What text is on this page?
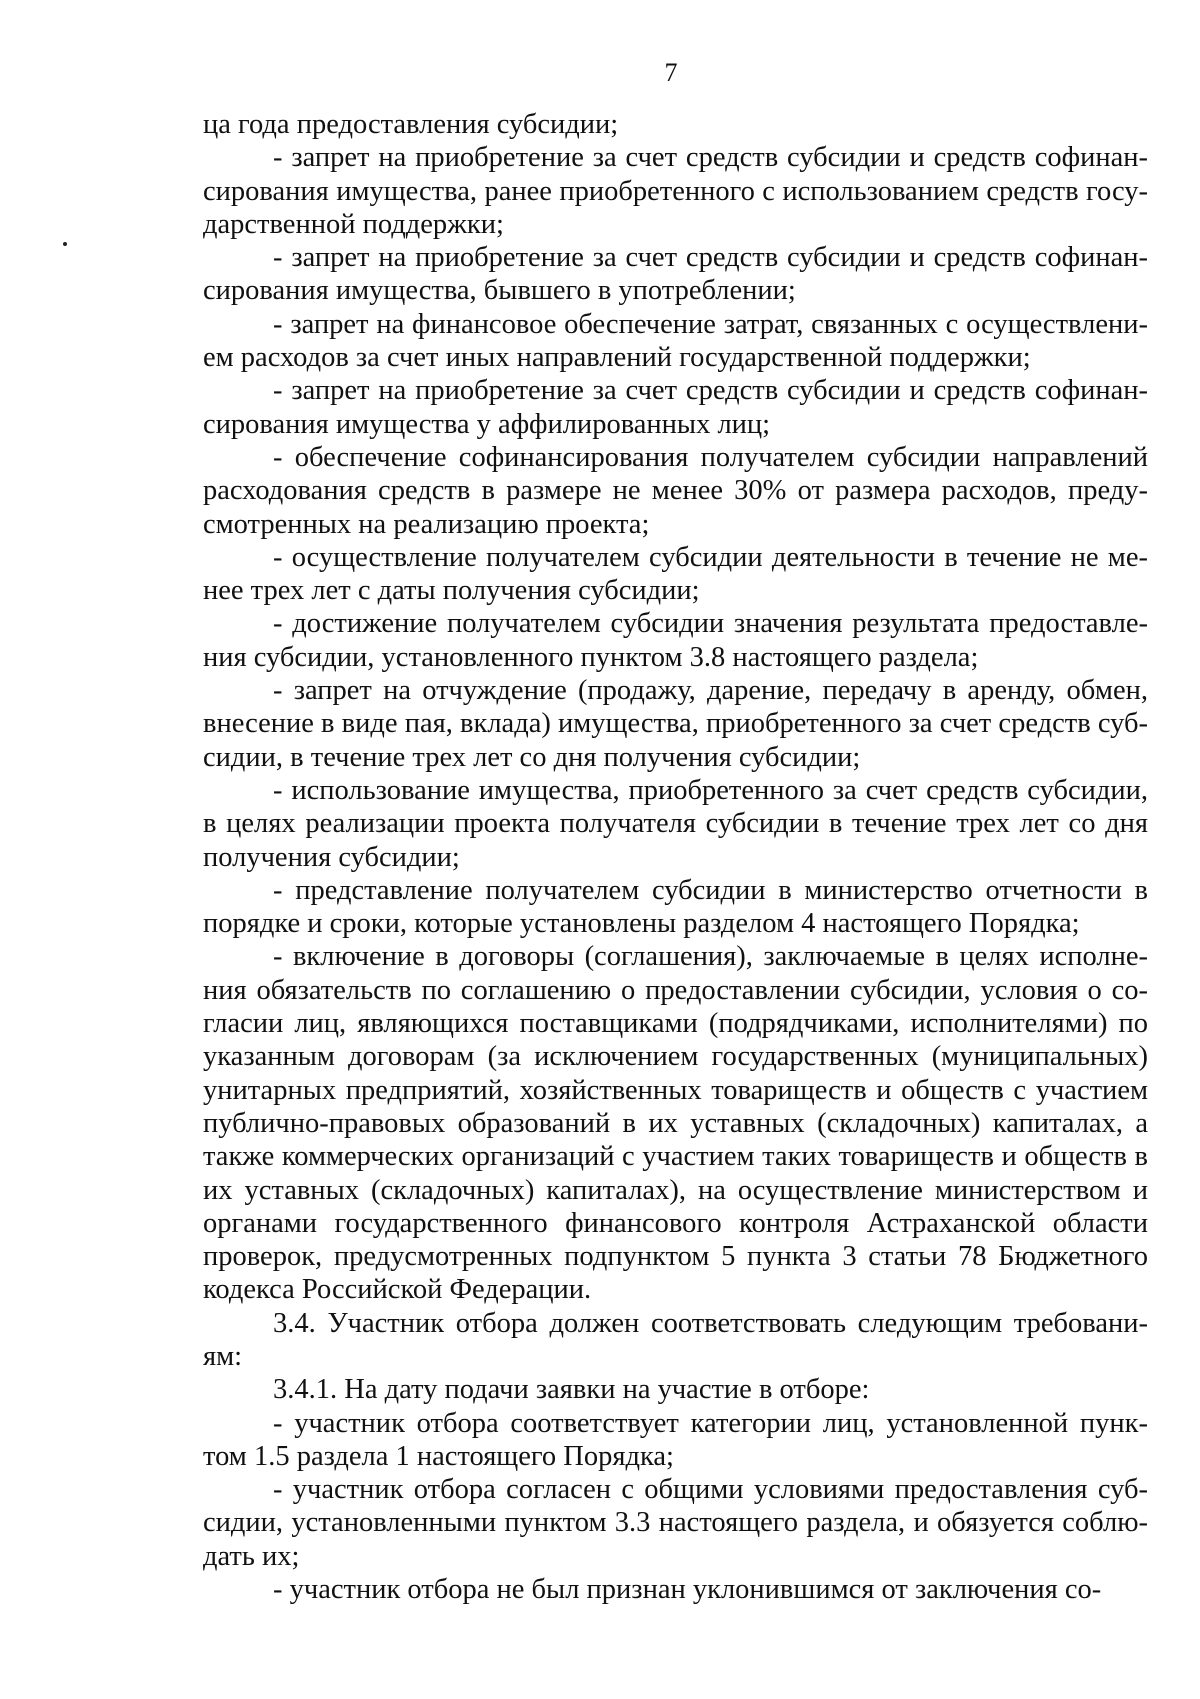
7

ца года предоставления субсидии;

- запрет на приобретение за счет средств субсидии и средств софинансирования имущества, ранее приобретенного с использованием средств государственной поддержки;

- запрет на приобретение за счет средств субсидии и средств софинансирования имущества, бывшего в употреблении;

- запрет на финансовое обеспечение затрат, связанных с осуществлением расходов за счет иных направлений государственной поддержки;

- запрет на приобретение за счет средств субсидии и средств софинансирования имущества у аффилированных лиц;

- обеспечение софинансирования получателем субсидии направлений расходования средств в размере не менее 30% от размера расходов, предусмотренных на реализацию проекта;

- осуществление получателем субсидии деятельности в течение не менее трех лет с даты получения субсидии;

- достижение получателем субсидии значения результата предоставления субсидии, установленного пунктом 3.8 настоящего раздела;

- запрет на отчуждение (продажу, дарение, передачу в аренду, обмен, внесение в виде пая, вклада) имущества, приобретенного за счет средств субсидии, в течение трех лет со дня получения субсидии;

- использование имущества, приобретенного за счет средств субсидии, в целях реализации проекта получателя субсидии в течение трех лет со дня получения субсидии;

- представление получателем субсидии в министерство отчетности в порядке и сроки, которые установлены разделом 4 настоящего Порядка;

- включение в договоры (соглашения), заключаемые в целях исполнения обязательств по соглашению о предоставлении субсидии, условия о согласии лиц, являющихся поставщиками (подрядчиками, исполнителями) по указанным договорам (за исключением государственных (муниципальных) унитарных предприятий, хозяйственных товариществ и обществ с участием публично-правовых образований в их уставных (складочных) капиталах, а также коммерческих организаций с участием таких товариществ и обществ в их уставных (складочных) капиталах), на осуществление министерством и органами государственного финансового контроля Астраханской области проверок, предусмотренных подпунктом 5 пункта 3 статьи 78 Бюджетного кодекса Российской Федерации.

3.4. Участник отбора должен соответствовать следующим требованиям:

3.4.1. На дату подачи заявки на участие в отборе:

- участник отбора соответствует категории лиц, установленной пунктом 1.5 раздела 1 настоящего Порядка;

- участник отбора согласен с общими условиями предоставления субсидии, установленными пунктом 3.3 настоящего раздела, и обязуется соблюдать их;

- участник отбора не был признан уклонившимся от заключения со-
